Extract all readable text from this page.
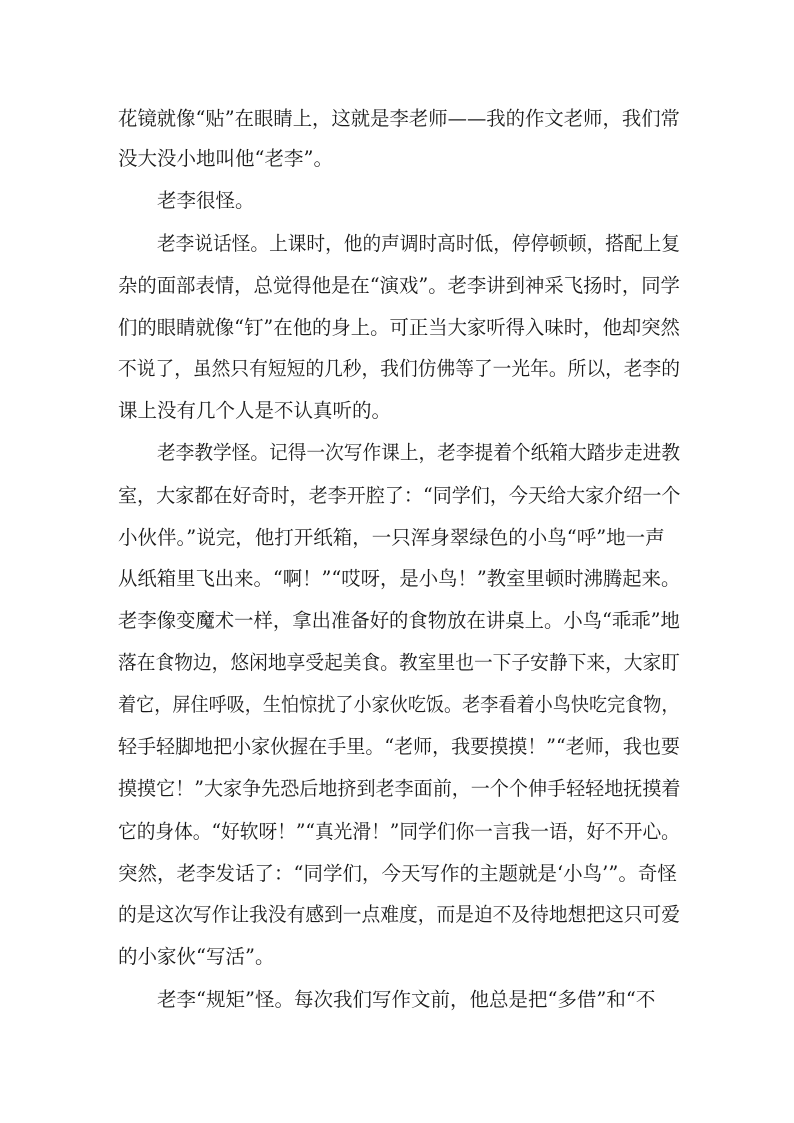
花镜就像“贴”在眼睛上，这就是李老师——我的作文老师，我们常
没大没小地叫他“老李”。
老李很怪。
老李说话怪。上课时，他的声调时高时低，停停顿顿，搭配上复
杂的面部表情，总觉得他是在“演戏”。老李讲到神采飞扬时，同学
们的眼睛就像“钉”在他的身上。可正当大家听得入味时，他却突然
不说了，虽然只有短短的几秒，我们仿佛等了一光年。所以，老李的
课上没有几个人是不认真听的。
老李教学怪。记得一次写作课上，老李提着个纸箱大踏步走进教
室，大家都在好奇时，老李开腔了：“同学们，今天给大家介绍一个
小伙伴。”说完，他打开纸箱，一只浑身翠绿色的小鸟“呼”地一声
从纸箱里飞出来。“啊！”“哎呀，是小鸟！”教室里顿时沸腾起来。
老李像变魔术一样，拿出准备好的食物放在讲桌上。小鸟“乖乖”地
落在食物边，悠闲地享受起美食。教室里也一下子安静下来，大家盯
着它，屏住呼吸，生怕惊扰了小家伙吃饭。老李看着小鸟快吃完食物，
轻手轻脚地把小家伙握在手里。“老师，我要摸摸！”“老师，我也要
摸摸它！”大家争先恐后地挤到老李面前，一个个伸手轻轻地抚摸着
它的身体。“好软呀！”“真光滑！”同学们你一言我一语，好不开心。
突然，老李发话了：“同学们，今天写作的主题就是‘小鸟’”。奇怪
的是这次写作让我没有感到一点难度，而是迫不及待地想把这只可爱
的小家伙“写活”。
老李“规矩”怪。每次我们写作文前，他总是把“多借”和“不
